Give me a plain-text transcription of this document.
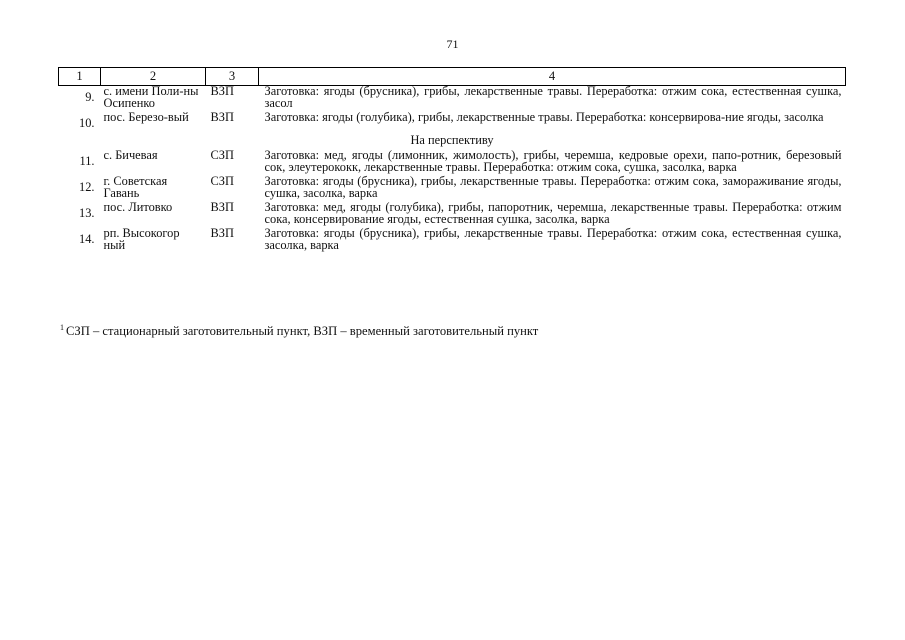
71
1	2	3	4
9.	с. имени Поли-ны Осипенко	ВЗП	Заготовка: ягоды (брусника), грибы, лекарственные травы. Переработка: отжим сока, естественная сушка, засол
10.	пос. Березо-вый	ВЗП	Заготовка: ягоды (голубика), грибы, лекарственные травы. Переработка: консервирова-ние ягоды, засолка
На перспективу			
11.	с. Бичевая	СЗП	Заготовка: мед, ягоды (лимонник, жимолость), грибы, черемша, кедровые орехи, папо-ротник, березовый сок, элеутерококк, лекарственные травы. Переработка: отжим сока, сушка, засолка, варка
12.	г. Советская Гавань	СЗП	Заготовка: ягоды (брусника), грибы, лекарственные травы. Переработка: отжим сока, замораживание ягоды, сушка, засолка, варка
13.	пос. Литовко	ВЗП	Заготовка: мед, ягоды (голубика), грибы, папоротник, черемша, лекарственные травы. Переработка: отжим сока, консервирование ягоды, естественная сушка, засолка, варка
14.	рп. Высокогор ный	ВЗП	Заготовка: ягоды (брусника), грибы, лекарственные травы. Переработка: отжим сока, естественная сушка, засолка, варка
$^1$ СЗП – стационарный заготовительный пункт, ВЗП – временный заготовительный пункт
